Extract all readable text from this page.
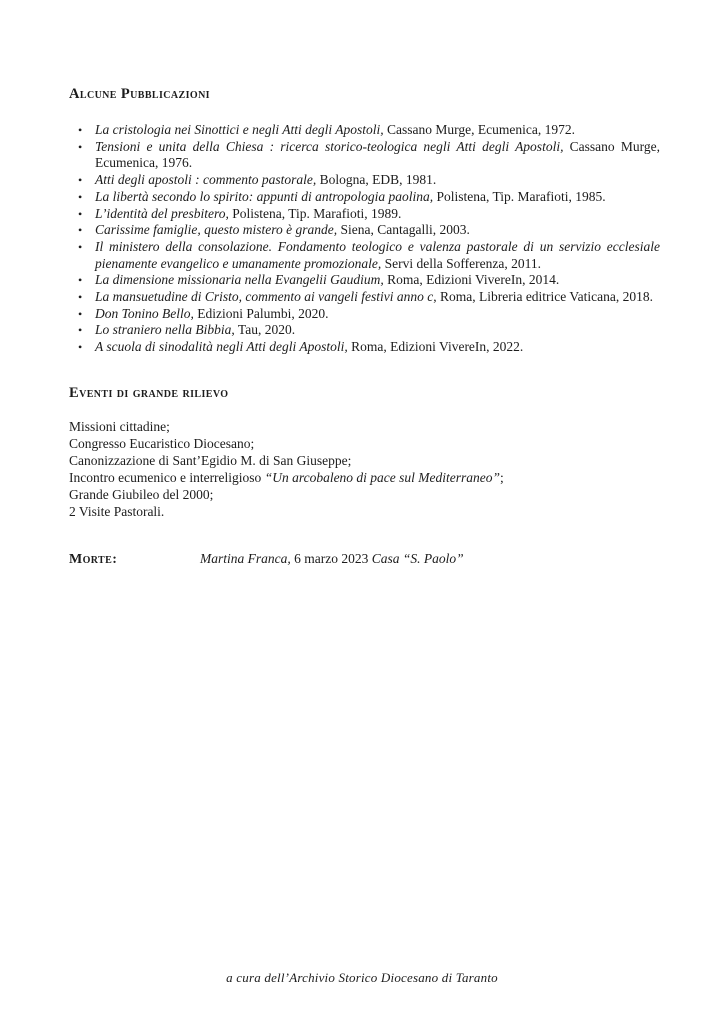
Alcune Pubblicazioni

• La cristologia nei Sinottici e negli Atti degli Apostoli, Cassano Murge, Ecumenica, 1972.
• Tensioni e unita della Chiesa : ricerca storico-teologica negli Atti degli Apostoli, Cassano Murge, Ecumenica, 1976.
• Atti degli apostoli : commento pastorale, Bologna, EDB, 1981.
• La libertà secondo lo spirito: appunti di antropologia paolina, Polistena, Tip. Marafioti, 1985.
• L’identità del presbitero, Polistena, Tip. Marafioti, 1989.
• Carissime famiglie, questo mistero è grande, Siena, Cantagalli, 2003.
• Il ministero della consolazione. Fondamento teologico e valenza pastorale di un servizio ecclesiale pienamente evangelico e umanamente promozionale, Servi della Sofferenza, 2011.
• La dimensione missionaria nella Evangelii Gaudium, Roma, Edizioni VivereIn, 2014.
• La mansuetudine di Cristo, commento ai vangeli festivi anno c, Roma, Libreria editrice Vaticana, 2018.
• Don Tonino Bello, Edizioni Palumbi, 2020.
• Lo straniero nella Bibbia, Tau, 2020.
• A scuola di sinodalità negli Atti degli Apostoli, Roma, Edizioni VivereIn, 2022.

Eventi di grande rilievo

Missioni cittadine;

Congresso Eucaristico Diocesano;

Canonizzazione di Sant’Egidio M. di San Giuseppe;

Incontro ecumenico e interreligioso “Un arcobaleno di pace sul Mediterraneo”;

Grande Giubileo del 2000;

2 Visite Pastorali.

Morte:	Martina Franca, 6 marzo 2023 Casa “S. Paolo”

a cura dell’Archivio Storico Diocesano di Taranto
